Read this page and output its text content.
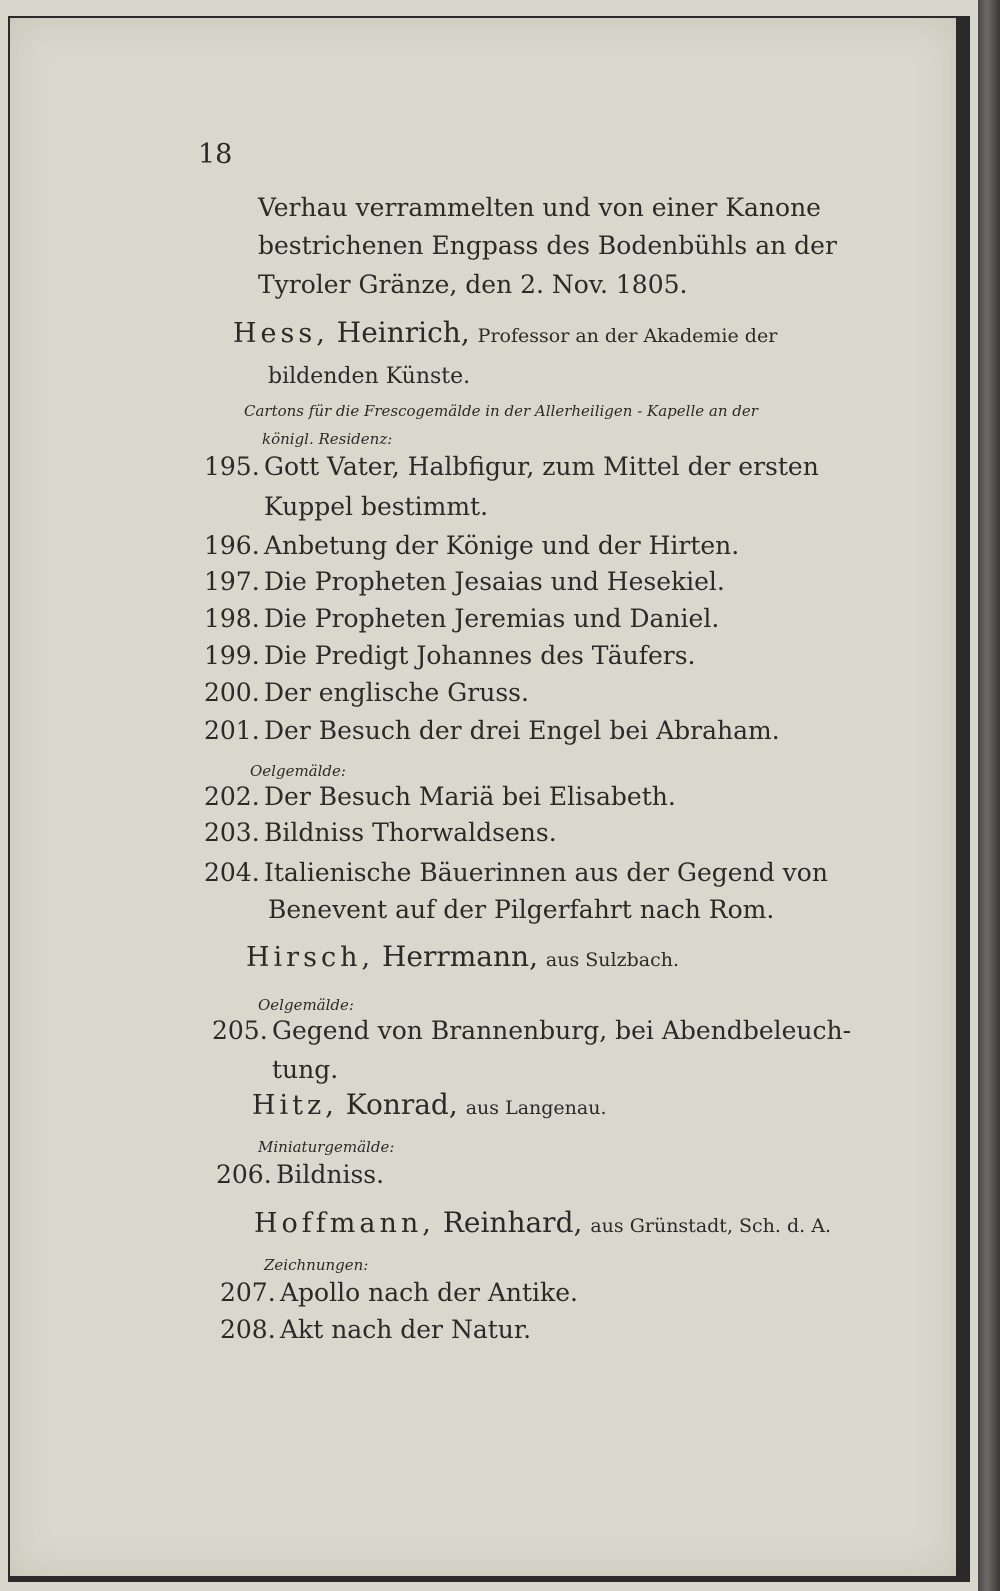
18
Verhau verrammelten und von einer Kanone
bestrichenen Engpass des Bodenbühls an der
Tyroler Gränze, den 2. Nov. 1805.
Hess, Heinrich, Professor an der Akademie der
bildenden Künste.
Cartons für die Frescogemälde in der Allerheiligen - Kapelle an der
königl. Residenz:
195. Gott Vater, Halbfigur, zum Mittel der ersten
Kuppel bestimmt.
196. Anbetung der Könige und der Hirten.
197. Die Propheten Jesaias und Hesekiel.
198. Die Propheten Jeremias und Daniel.
199. Die Predigt Johannes des Täufers.
200. Der englische Gruss.
201. Der Besuch der drei Engel bei Abraham.
Oelgemälde:
202. Der Besuch Mariä bei Elisabeth.
203. Bildniss Thorwaldsens.
204. Italienische Bäuerinnen aus der Gegend von
Benevent auf der Pilgerfahrt nach Rom.
Hirsch, Herrmann, aus Sulzbach.
Oelgemälde:
205. Gegend von Brannenburg, bei Abendbeleuch-
tung.
Hitz, Konrad, aus Langenau.
Miniaturgemälde:
206. Bildniss.
Hoffmann, Reinhard, aus Grünstadt, Sch. d. A.
Zeichnungen:
207. Apollo nach der Antike.
208. Akt nach der Natur.
